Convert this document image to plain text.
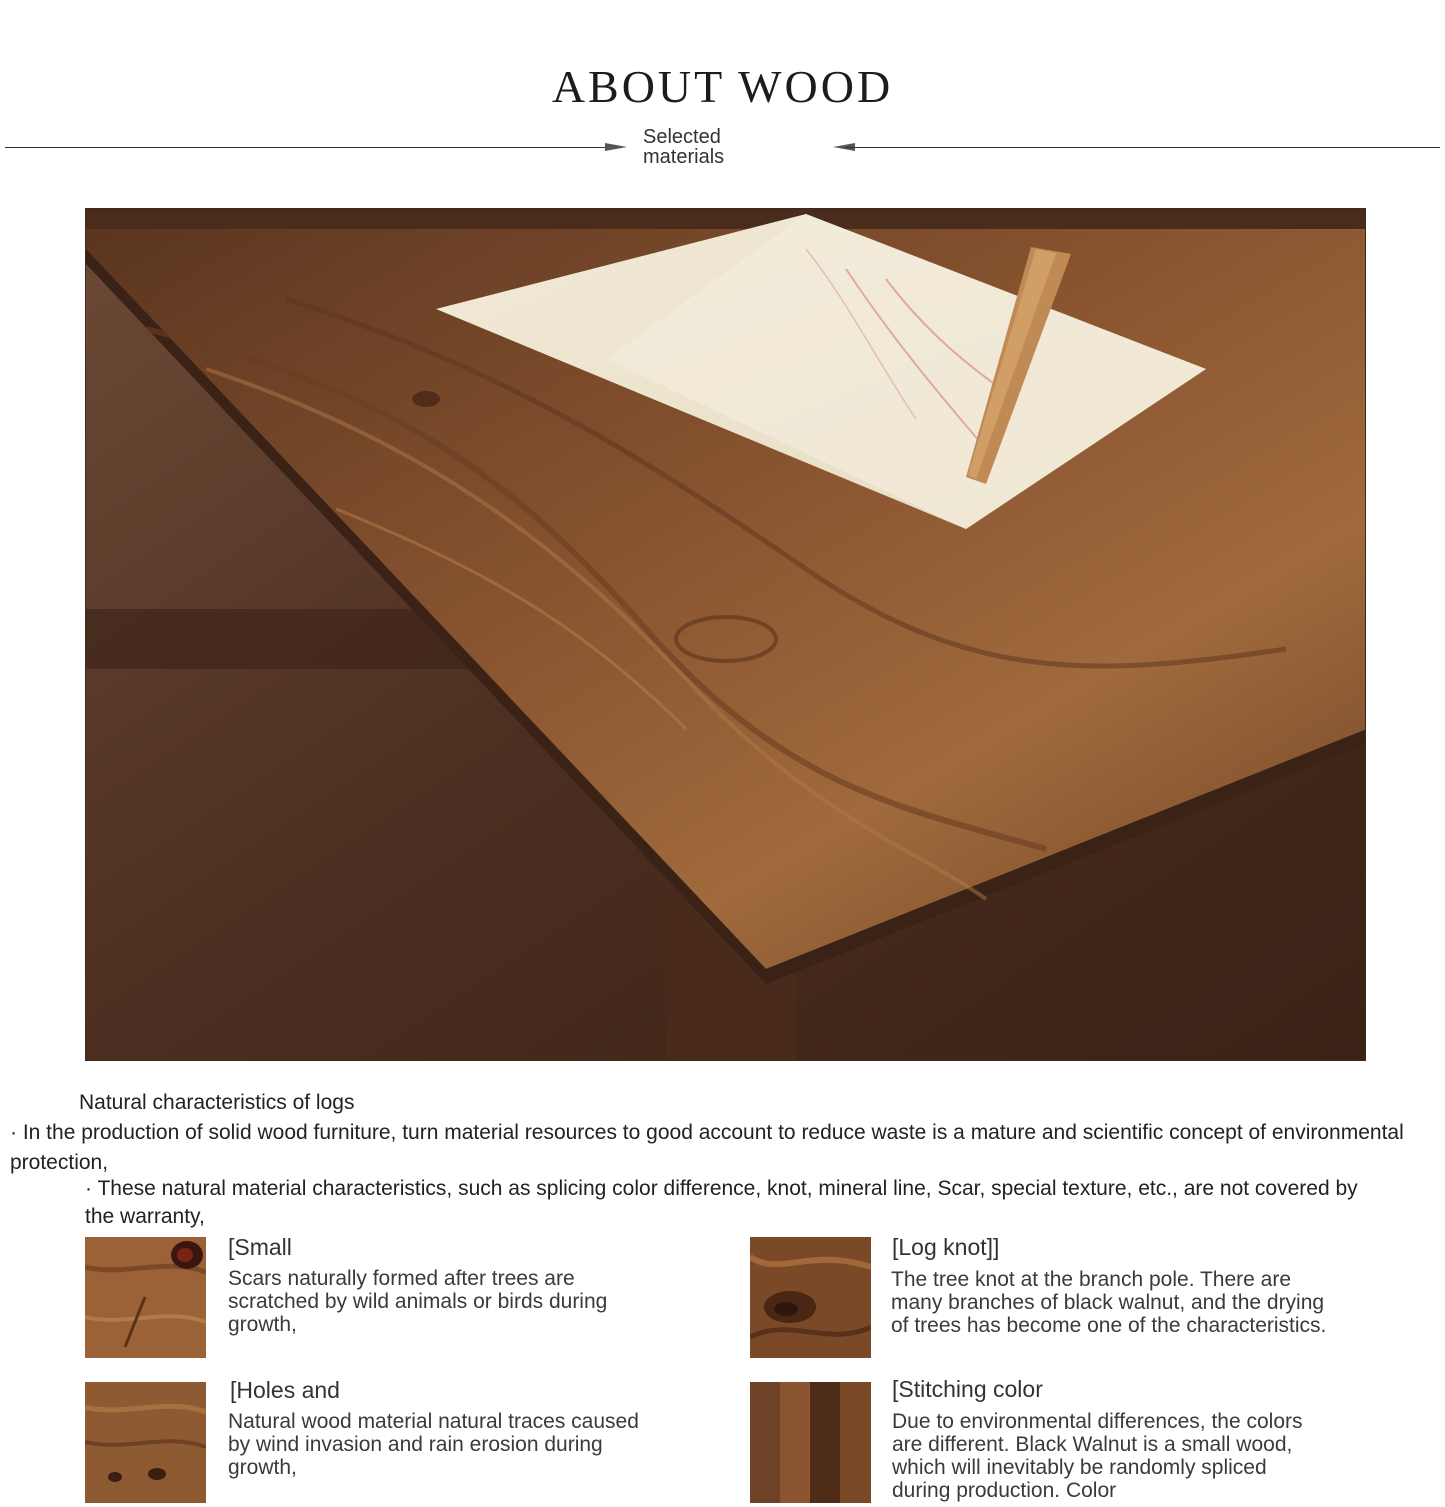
ABOUT WOOD
Selected
materials
Natural characteristics of logs
· In the production of solid wood furniture, turn material resources to good account to reduce waste is a mature and scientific concept of environmental protection,
· These natural material characteristics, such as splicing color difference, knot, mineral line, Scar, special texture, etc., are not covered by the warranty,
[Small
Scars naturally formed after trees are scratched by wild animals or birds during growth,
[Log knot]]
The tree knot at the branch pole. There are many branches of black walnut, and the drying of trees has become one of the characteristics.
[Holes and
Natural wood material natural traces caused by wind invasion and rain erosion during growth,
[Stitching color
Due to environmental differences, the colors are different. Black Walnut is a small wood, which will inevitably be randomly spliced during production. Color
